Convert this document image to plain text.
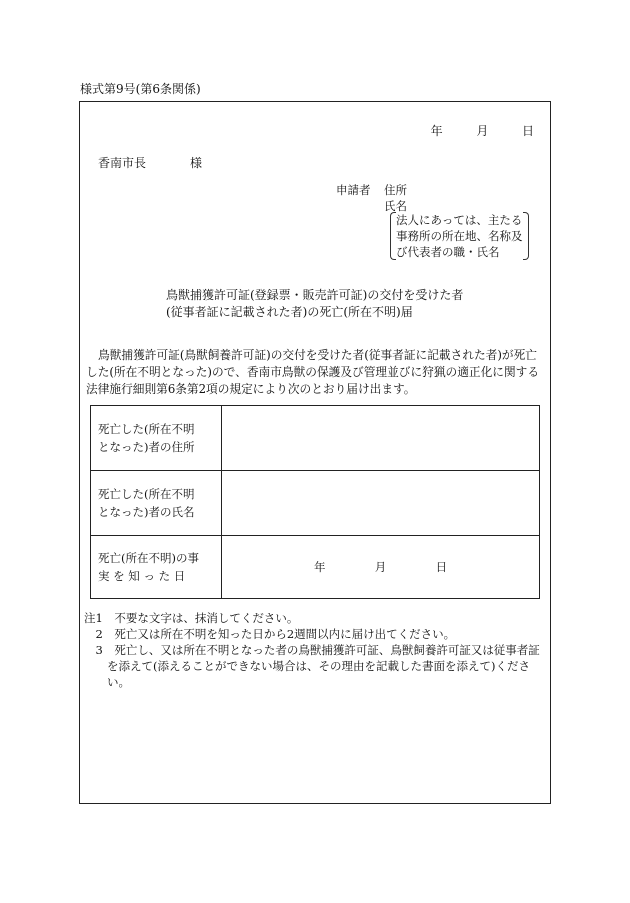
様式第9号(第6条関係)
年	月	日
香南市長	様
申請者 住所
氏名
法人にあっては、主たる
事務所の所在地、名称及
び代表者の職・氏名
鳥獣捕獲許可証(登録票・販売許可証)の交付を受けた者
(従事者証に記載された者)の死亡(所在不明)届
鳥獣捕獲許可証(鳥獣飼養許可証)の交付を受けた者(従事者証に記載された者)が死亡
した(所在不明となった)ので、香南市鳥獣の保護及び管理並びに狩猟の適正化に関する
法律施行細則第6条第2項の規定により次のとおり届け出ます。
死亡した(所在不明
となった)者の住所	

死亡した(所在不明
となった)者の氏名	

死亡(所在不明)の事
実 を 知 っ た 日	年 月 日
注1　不要な文字は、抹消してください。
　2　死亡又は所在不明を知った日から2週間以内に届け出てください。
　3　死亡し、又は所在不明となった者の鳥獣捕獲許可証、鳥獣飼養許可証又は従事者証
　　を添えて(添えることができない場合は、その理由を記載した書面を添えて)くださ
　　い。
